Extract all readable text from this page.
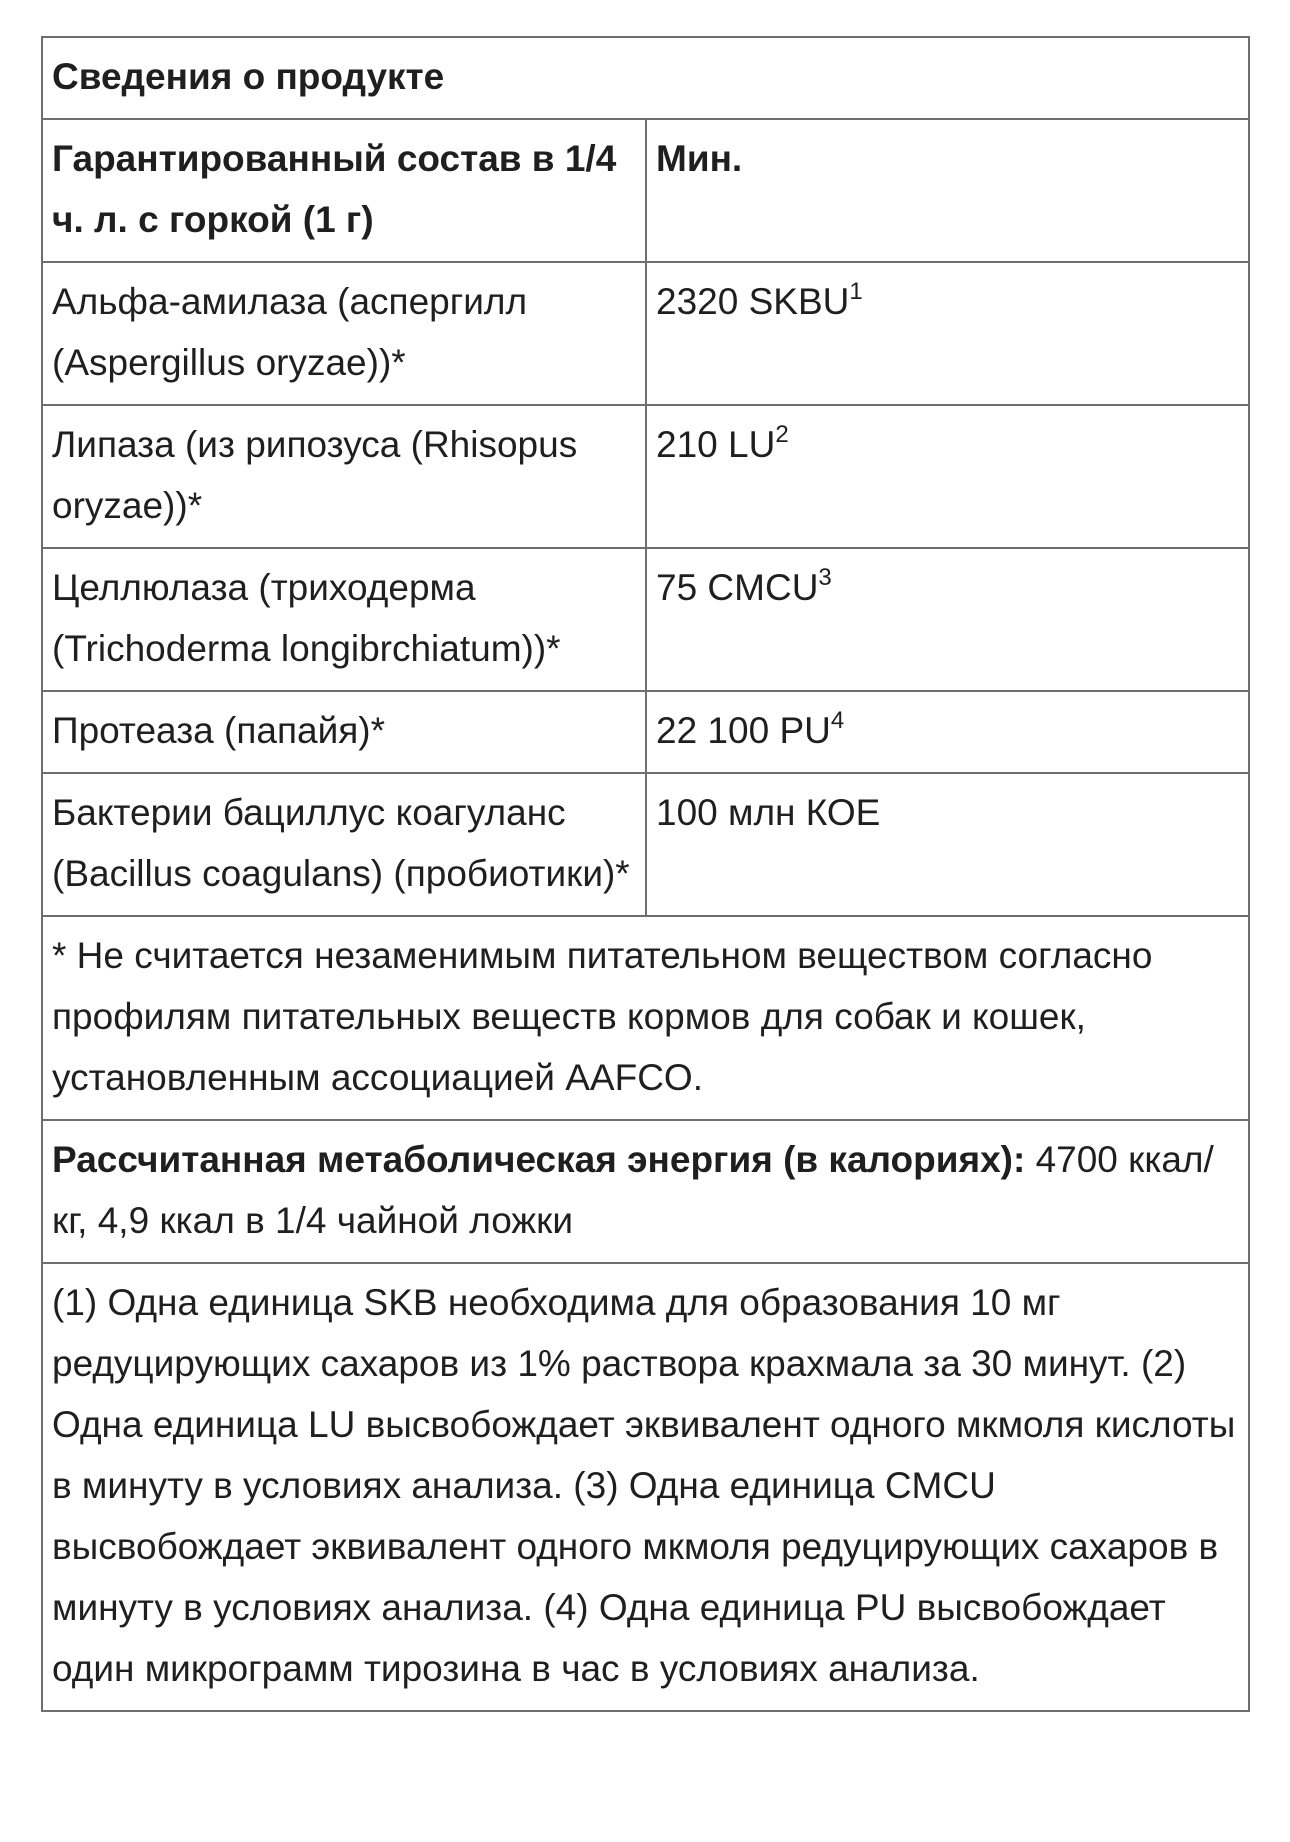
Сведения о продукте	
Гарантированный состав в 1/4 ч. л. с горкой (1 г)	Мин.
Альфа-амилаза (аспергилл (Aspergillus oryzae))*	2320 SKBU$^1$
Липаза (из рипозуса (Rhisopus oryzae))*	210 $LU^2$
Целлюлаза (триходерма (Trichoderma longibrchiatum))*	75 CMCU$^3$
Протеаза (папайя)*	22 100 $PU^4$
Бактерии бациллус коагуланс (Bacillus coagulans) (пробиотики)*	100 млн КОЕ
* Не считается незаменимым питательном веществом согласно профилям питательных веществ кормов для собак и кошек, установленным ассоциацией AAFCO.	
Рассчитанная метаболическая энергия (в калориях): 4700 ккал/кг, 4,9 ккал в 1/4 чайной ложки	
(1) Одна единица SKB необходима для образования 10 мг редуцирующих сахаров из 1% раствора крахмала за 30 минут. (2) Одна единица LU высвобождает эквивалент одного мкмоля кислоты в минуту в условиях анализа. (3) Одна единица CMCU высвобождает эквивалент одного мкмоля редуцирующих сахаров в минуту в условиях анализа. (4) Одна единица PU высвобождает один микрограмм тирозина в час в условиях анализа.	
